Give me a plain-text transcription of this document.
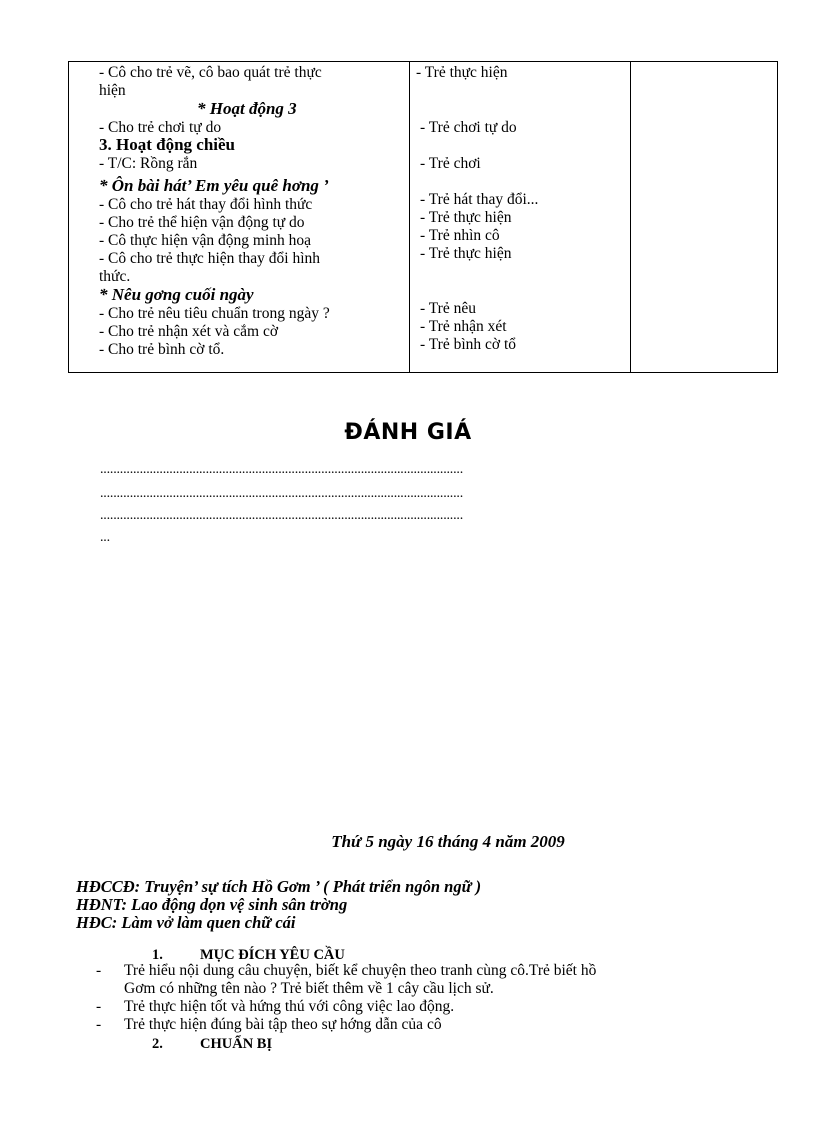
- Cô cho trẻ vẽ, cô bao quát trẻ thực
hiện
* Hoạt động 3
- Cho trẻ chơi tự do
3. Hoạt động chiều
- T/C: Rồng rắn
* Ôn bài hát’ Em yêu quê hơng ’
- Cô cho trẻ hát thay đổi hình thức
- Cho trẻ thể hiện vận động tự do
- Cô thực hiện vận động minh hoạ
- Cô cho trẻ thực hiện thay đổi hình
thức.
* Nêu gơng cuối ngày
- Cho trẻ nêu tiêu chuẩn trong ngày ?
- Cho trẻ nhận xét và cắm cờ
- Cho trẻ bình cờ tổ.
- Trẻ thực hiện
- Trẻ chơi tự do
- Trẻ chơi
- Trẻ hát thay đổi...
- Trẻ thực hiện
- Trẻ nhìn cô
- Trẻ thực hiện
- Trẻ nêu
- Trẻ nhận xét
- Trẻ bình cờ tổ
ĐÁNH GIÁ
..............................................................................................................
..............................................................................................................
..............................................................................................................
...
Thứ 5 ngày 16 tháng 4 năm 2009
HĐCCĐ: Truyện’ sự tích Hồ Gơm ’ ( Phát triển ngôn ngữ )
HĐNT: Lao động dọn vệ sinh sân trờng
HĐC: Làm vở làm quen chữ cái
1.	MỤC ĐÍCH YÊU CẦU
- Trẻ hiểu nội dung câu chuyện, biết kể chuyện theo tranh cùng cô.Trẻ biết hồ
Gơm có những tên nào ? Trẻ biết thêm về 1 cây cầu lịch sử.
- Trẻ thực hiện tốt và hứng thú với công việc lao động.
- Trẻ thực hiện đúng bài tập theo sự hớng dẫn của cô
2.	CHUẨN BỊ
